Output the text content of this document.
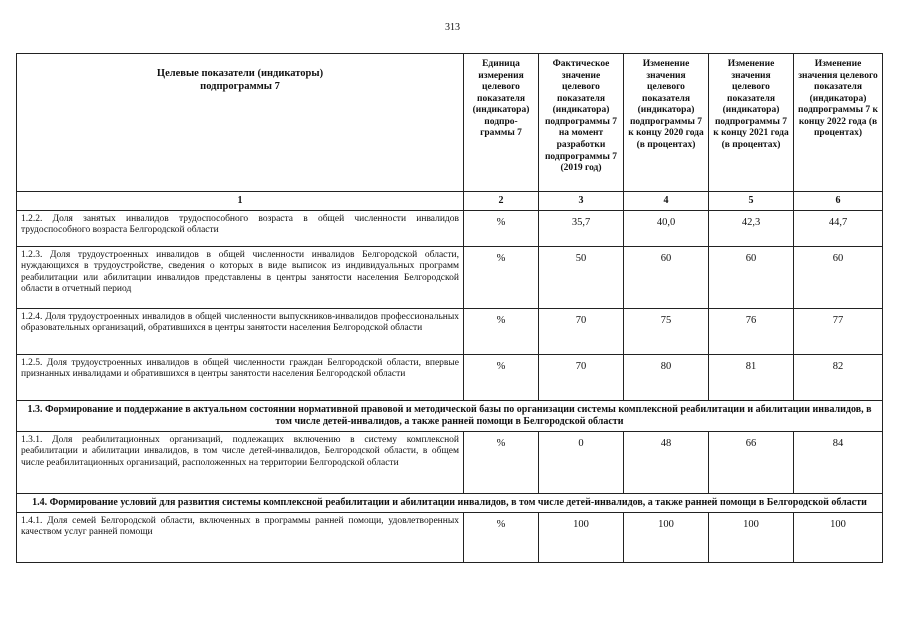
313
Целевые показатели (индикаторы) подпрограммы 7	Единица измерения целевого показателя (индикатора) подпро-граммы 7	Фактическое значение целевого показателя (индикатора) подпрограммы 7 на момент разработки подпрограммы 7 (2019 год)	Изменение значения целевого показателя (индикатора) подпрограммы 7 к концу 2020 года (в процентах)	Изменение значения целевого показателя (индикатора) подпрограммы 7 к концу 2021 года (в процентах)	Изменение значения целевого показателя (индикатора) подпрограммы 7 к концу 2022 года (в процентах)
1	2	3	4	5	6
1.2.2. Доля занятых инвалидов трудоспособного возраста в общей численности инвалидов трудоспособного возраста Белгородской области	%	35,7	40,0	42,3	44,7
1.2.3. Доля трудоустроенных инвалидов в общей численности инвалидов Белгородской области, нуждающихся в трудоустройстве, сведения о которых в виде выписок из индивидуальных программ реабилитации или абилитации инвалидов представлены в центры занятости населения Белгородской области в отчетный период	%	50	60	60	60
1.2.4. Доля трудоустроенных инвалидов в общей численности выпускников-инвалидов профессиональных образовательных организаций, обратившихся в центры занятости населения Белгородской области	%	70	75	76	77
1.2.5. Доля трудоустроенных инвалидов в общей численности граждан Белгородской области, впервые признанных инвалидами и обратившихся в центры занятости населения Белгородской области	%	70	80	81	82
1.3. Формирование и поддержание в актуальном состоянии нормативной правовой и методической базы по организации системы комплексной реабилитации и абилитации инвалидов, в том числе детей-инвалидов, а также ранней помощи в Белгородской области					
1.3.1. Доля реабилитационных организаций, подлежащих включению в систему комплексной реабилитации и абилитации инвалидов, в том числе детей-инвалидов, Белгородской области, в общем числе реабилитационных организаций, расположенных на территории Белгородской области	%	0	48	66	84
1.4. Формирование условий для развития системы комплексной реабилитации и абилитации инвалидов, в том числе детей-инвалидов, а также ранней помощи в Белгородской области					
1.4.1. Доля семей Белгородской области, включенных в программы ранней помощи, удовлетворенных качеством услуг ранней помощи	%	100	100	100	100
